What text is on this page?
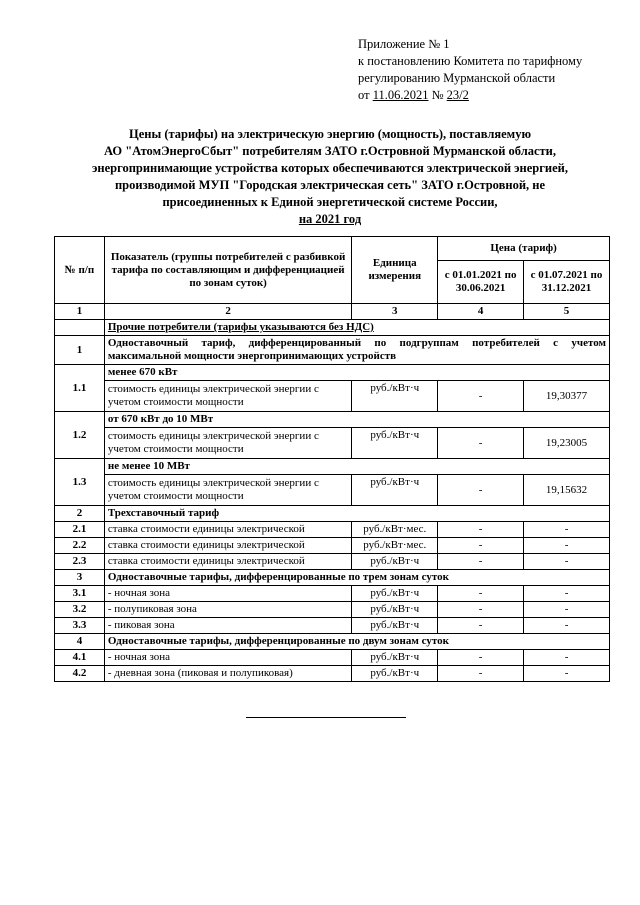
Приложение № 1
к постановлению Комитета по тарифному
регулированию Мурманской области
от 11.06.2021 № 23/2
Цены (тарифы) на электрическую энергию (мощность), поставляемую
АО "АтомЭнергоСбыт" потребителям ЗАТО г.Островной Мурманской области,
энергопринимающие устройства которых обеспечиваются электрической энергией,
производимой МУП "Городская электрическая сеть" ЗАТО г.Островной, не
присоединенных к Единой энергетической системе России,
на 2021 год
№ п/п	Показатель (группы потребителей с разбивкой тарифа по составляющим и дифференциацией по зонам суток)	Единица измерения	Цена (тариф)	
			с 01.01.2021 по 30.06.2021	с 01.07.2021 по 31.12.2021
1	2	3	4	5
	Прочие потребители (тарифы указываются без НДС)			
1	Одноставочный тариф, дифференцированный по подгруппам потребителей с учетом максимальной мощности энергопринимающих устройств			
1.1	менее 670 кВт			
	стоимость единицы электрической энергии с учетом стоимости мощности	руб./кВт·ч	-	19,30377
1.2	от 670 кВт до 10 МВт			
	стоимость единицы электрической энергии с учетом стоимости мощности	руб./кВт·ч	-	19,23005
1.3	не менее 10 МВт			
	стоимость единицы электрической энергии с учетом стоимости мощности	руб./кВт·ч	-	19,15632
2	Трехставочный тариф			
2.1	ставка стоимости единицы электрической	руб./кВт·мес.	-	-
2.2	ставка стоимости единицы электрической	руб./кВт·мес.	-	-
2.3	ставка стоимости единицы электрической	руб./кВт·ч	-	-
3	Одноставочные тарифы, дифференцированные по трем зонам суток			
3.1	- ночная зона	руб./кВт·ч	-	-
3.2	- полупиковая зона	руб./кВт·ч	-	-
3.3	- пиковая зона	руб./кВт·ч	-	-
4	Одноставочные тарифы, дифференцированные по двум зонам суток			
4.1	- ночная зона	руб./кВт·ч	-	-
4.2	- дневная зона (пиковая и полупиковая)	руб./кВт·ч	-	-
